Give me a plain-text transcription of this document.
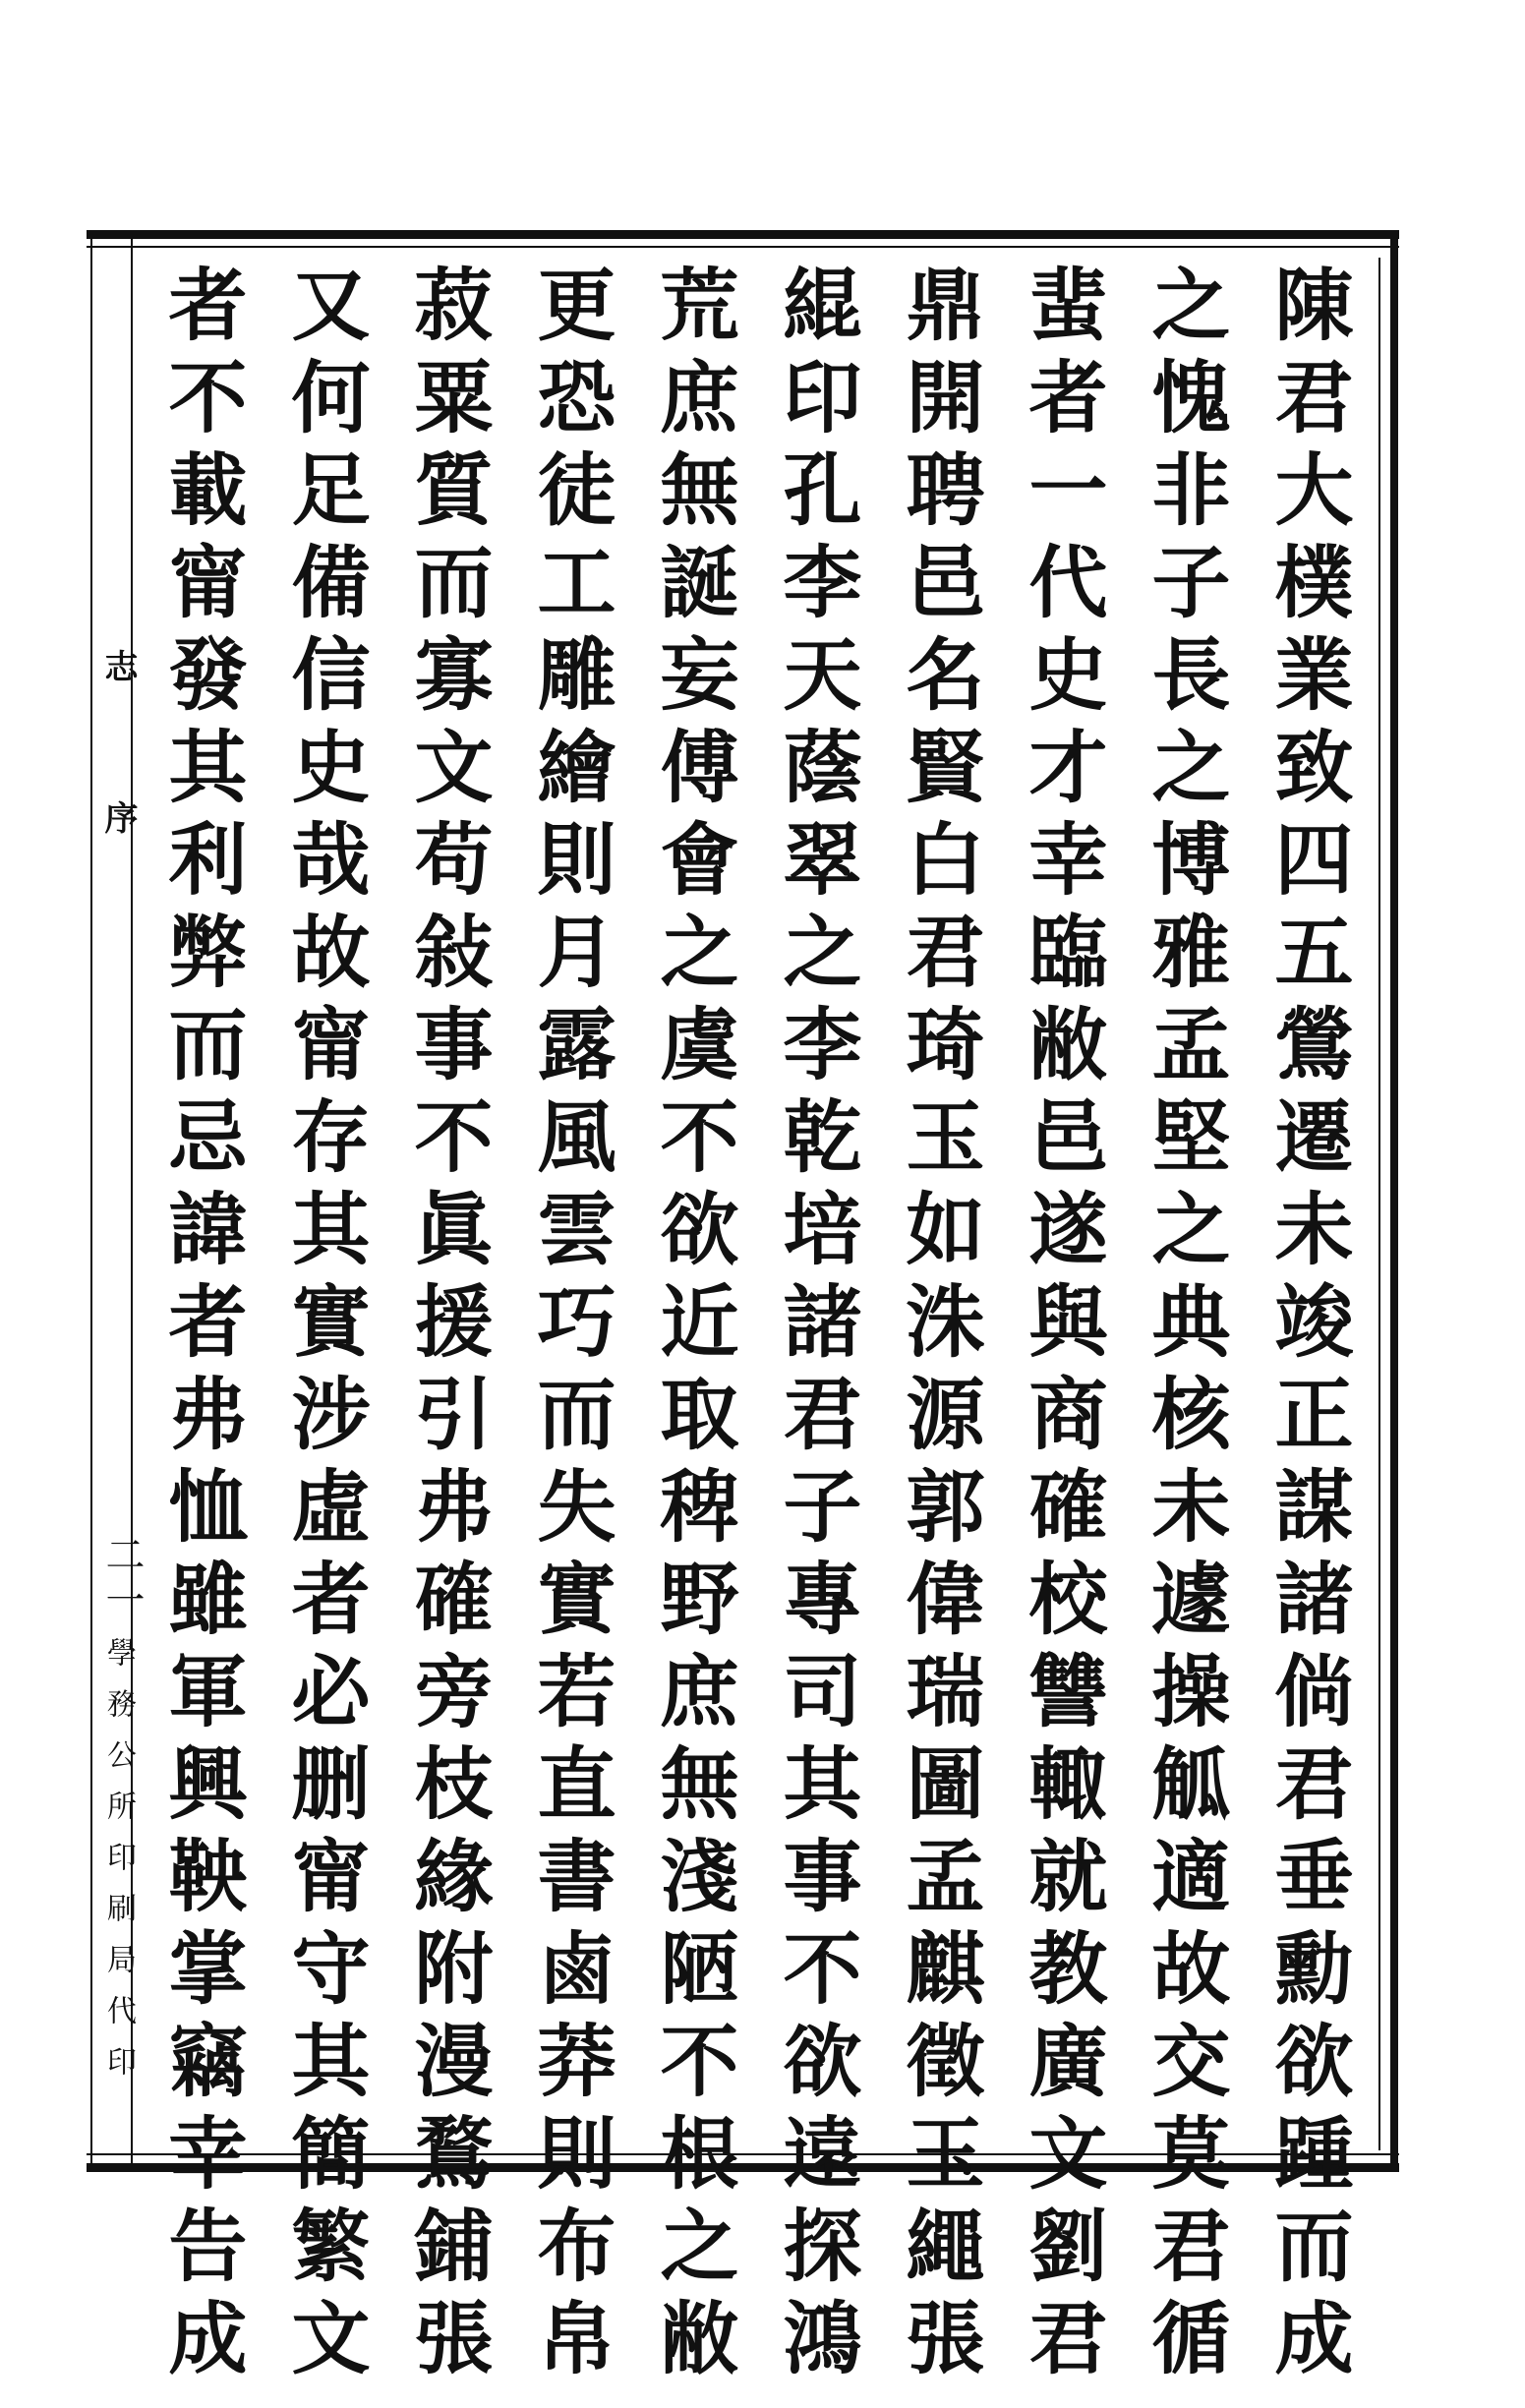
陳君大樸業致四五鶯遷未竣正謀諸倘君垂勳欲踵而成
之愧非子長之博雅孟堅之典核未遽操觚適故交莫君循
蜚者一代史才幸臨敝邑遂與商確校讐輙就教廣文劉君
鼎開聘邑名賢白君琦玉如洙源郭偉瑞圖孟麒徵玉繩張
緄印孔李天蔭翠之李乾培諸君子專司其事不欲遠探鴻
荒庶無誕妄傅會之虞不欲近取稗野庶無淺陋不根之敝
更恐徒工雕繪則月露風雲巧而失實若直書鹵莽則布帛
菽粟質而寡文苟敍事不眞援引弗確旁枝緣附漫鶩鋪張
又何足備信史哉故甯存其實涉虛者必删甯守其簡繁文
者不載甯發其利弊而忌諱者弗恤雖軍興鞅掌竊幸告成
志 序
二一
學務公所印刷局代印
